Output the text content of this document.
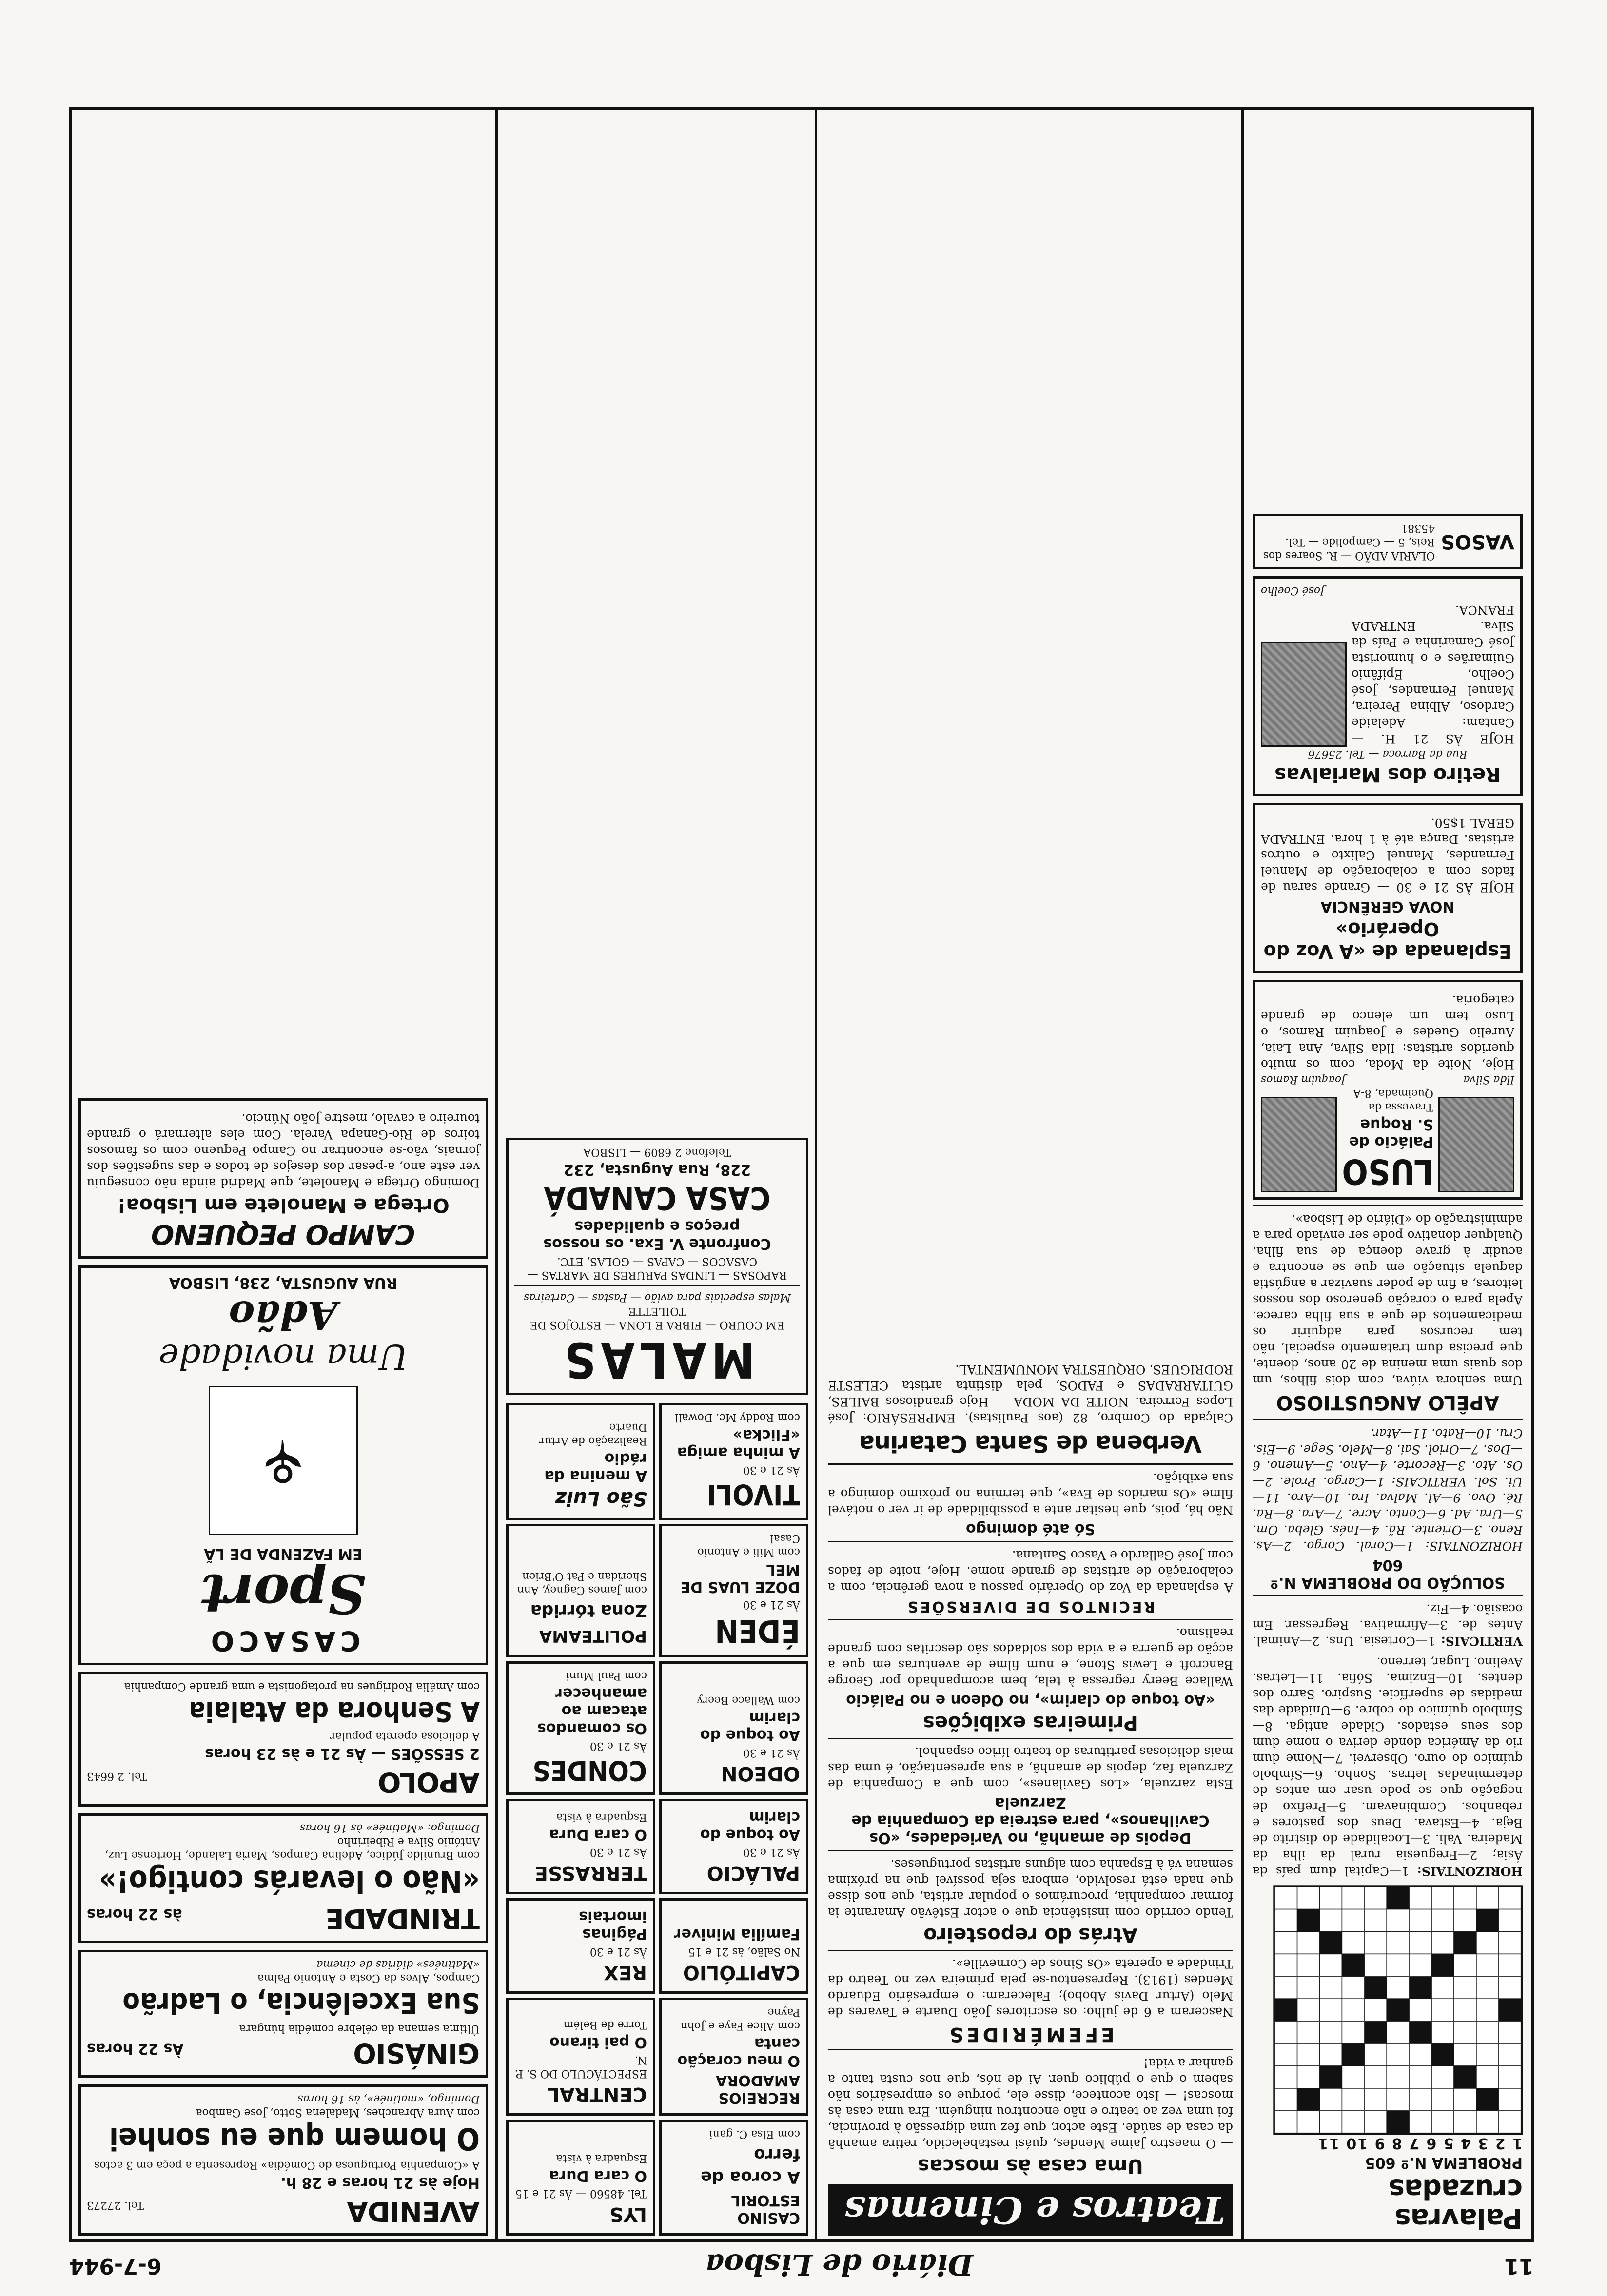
11
Diário de Lisboa
6-7-944
Palavras cruzadas
PROBLEMA N.º 605
1 2 3 4 5 6 7 8 9 10 11
HORIZONTAIS: 1—Capital dum país da Ásia; 2—Freguesia rural da ilha da Madeira. Vali. 3—Localidade do distrito de Beja. 4—Estava. Deus dos pastores e rebanhos. Combinavam. 5—Prefixo de negação que se pode usar em antes de determinadas letras. Sonho. 6—Símbolo químico do ouro. Observei. 7—Nome dum rio da América donde deriva o nome dum dos seus estados. Cidade antiga. 8—Símbolo químico do cobre. 9—Unidade das medidas de superfície. Suspiro. Sarro dos dentes. 10—Enzima. Sófia. 11—Letras. Avelino. Lugar, terreno.
VERTICAIS: 1—Cortesia. Uns. 2—Animal. Antes de. 3—Afirmativa. Regressar. Em ocasião. 4—Fiz.
SOLUÇÃO DO PROBLEMA N.º 604
HORIZONTAIS: 1—Coral. Corgo. 2—As. Reno. 3—Oriente. Rã. 4—Inés. Gleba. Om. 5—Ura. Ad. 6—Conto. Acre. 7—Ara. 8—Ra. Ré. Ovo. 9—Al. Malva. Ira. 10—Aro. 11—Ui. Sol. VERTICAIS: 1—Cargo. Prole. 2—Os. Ato. 3—Recorte. 4—Ano. 5—Ameno. 6—Dos. 7—Oriol. Sai. 8—Melo. Sege. 9—Eis. Cru. 10—Rato. 11—Atar.
APÊLO ANGUSTIOSO
Uma senhora viúva, com dois filhos, um dos quais uma menina de 20 anos, doente, que precisa dum tratamento especial, não tem recursos para adquirir os medicamentos de que a sua filha carece. Apela para o coração generoso dos nossos leitores, a fim de poder suavizar a angústia daquela situação em que se encontra e acudir à grave doença de sua filha. Qualquer donativo pode ser enviado para a administração do «Diário de Lisboa».
LUSO
Palácio de S. Roque
Travessa da Queimada, 8-A
Ilda Silva
Joaquim Ramos
Hoje, Noite da Moda, com os muito queridos artistas: Ilda Silva, Ana Laia, Aurelio Guedes e Joaquim Ramos, o Luso tem um elenco de grande categoria.
Esplanada de «A Voz do Operário»
NOVA GERÊNCIA
HOJE ÀS 21 e 30 — Grande sarau de fados com a colaboração de Manuel Fernandes, Manuel Calixto e outros artistas. Dança até à 1 hora. ENTRADA GERAL 1$50.
Retiro dos Marialvas
Rua da Barroca — Tel. 25676
HOJE ÀS 21 H. — Cantam: Adelaide Cardoso, Albina Pereira, Manuel Fernandes, José Coelho, Epifânio Guimarães e o humorista José Camarinha e País da Silva. ENTRADA FRANCA.
José Coelho
VASOS
OLARIA ADÃO — R. Soares dos Reis, 5 — Campolide — Tel. 45381
Teatros e Cinemas
Uma casa às moscas
— O maestro Jaime Mendes, quási restabelecido, retira amanhã da casa de saúde. Este actor, que fez uma digressão à província, foi uma vez ao teatro e não encontrou ninguém. Era uma casa às moscas! — Isto acontece, disse ele, porque os empresários não sabem o que o público quer. Ai de nós, que nos custa tanto a ganhar a vida!
EFEMÉRIDES
Nasceram a 6 de julho: os escritores João Duarte e Tavares de Melo (Artur Davis Abobo); Faleceram: o empresário Eduardo Mendes (1913). Representou-se pela primeira vez no Teatro da Trindade a opereta «Os Sinos de Corneville».
Atrás do reposteiro
Tendo corrido com insistência que o actor Estêvão Amarante ia formar companhia, procurámos o popular artista, que nos disse que nada está resolvido, embora seja possível que na próxima semana vá à Espanha com alguns artistas portugueses.
Depois de amanhã, no Variedades, «Os Cavilhanos», para estreia da Companhia de Zarzuela
Esta zarzuela, «Los Gavilanes», com que a Companhia de Zarzuela faz, depois de amanhã, a sua apresentação, é uma das mais deliciosas partituras do teatro lírico espanhol.
Primeiras exibições
«Ao toque do clarim», no Odeon e no Palácio
Wallace Beery regressa à tela, bem acompanhado por George Bancroft e Lewis Stone, e num filme de aventuras em que a acção de guerra e a vida dos soldados são descritas com grande realismo.
RECINTOS DE DIVERSÕES
A esplanada da Voz do Operário passou a nova gerência, com a colaboração de artistas de grande nome. Hoje, noite de fados com José Gallardo e Vasco Santana.
Só até domingo
Não há, pois, que hesitar ante a possibilidade de ir ver o notável filme «Os maridos de Eva», que termina no próximo domingo a sua exibição.
Verbena de Santa Catarina
Calçada do Combro, 82 (aos Paulistas). EMPRESÁRIO: José Lopes Ferreira. NOITE DA MODA — Hoje grandiosos BAILES, GUITARRADAS e FADOS, pela distinta artista CELESTE RODRIGUES. ORQUESTRA MONUMENTAL.
CASINO ESTORIL
A coroa de ferro
com Elsa C. gani
LYS
Tel. 48560 — Às 21 e 15
O cara Dura
Esquadra à vista
RECREIOS AMADORA
O meu coração canta
com Alice Faye e John Payne
CENTRAL
ESPECTÁCULO DO S. P. N.
O pai tirano
Torre de Belém
CAPITÓLIO
No Salão, às 21 e 15
Família Miniver
REX
Às 21 e 30
Páginas imortais
PALÁCIO
Às 21 e 30
Ao toque do clarim
TERRASSE
Às 21 e 30
O cara Dura
Esquadra à vista
ODEON
Às 21 e 30
Ao toque do clarim
com Wallace Beery
CONDES
Às 21 e 30
Os comandos atacam ao amanhecer
com Paul Muni
ÉDEN
Às 21 e 30
DOZE LUAS DE MEL
com Mili e Antonio Casal
POLITEAMA
Zona tórrida
com James Cagney, Ann Sheridan e Pat O'Brien
TIVOLI
Às 21 e 30
A minha amiga «Flicka»
com Roddy Mc. Dowall
São Luiz
A menina da rádio
Realização de Artur Duarte
MALAS
EM COURO — FIBRA E LONA — ESTOJOS DE TOILETTE
Malas especiais para avião — Pastas — Carteiras
RAPOSAS — LINDAS PARURES DE MARTAS — CASACOS — CAPAS — GOLAS, ETC.
Confronte V. Exa. os nossos preços e qualidades
CASA CANADÁ
228, Rua Augusta, 232
Telefone 2 6809 — LISBOA
AVENIDA
Tel. 27273
Hoje às 21 horas e 28 h.
A «Companhia Portuguesa de Comédia» Representa a peça em 3 actos
O homem que eu sonhei
com Aura Abranches, Madalena Sotto, Jose Gamboa
Domingo, «matinée», às 16 horas
GINÁSIO
Às 22 horas
Última semana da célebre comédia húngara
Sua Excelência, o Ladrão
Campos, Alves da Costa e Antonio Palma
«Matinées» diárias de cinema
TRINDADE
às 22 horas
«Não o levarás contigo!»
com Brunilde Júdice, Adelina Campos, Maria Lalande, Hortense Luz, António Silva e Ribeirinho
Domingo: «Matinée» às 16 horas
APOLO
Tel. 2 6643
2 SESSÕES — Às 21 e às 23 horas
A deliciosa opereta popular
A Senhora da Atalaia
com Amália Rodrigues na protagonista e uma grande Companhia
CASACO
Sport
EM FAZENDA DE LÃ
⚘
Uma novidade
Adão
RUA AUGUSTA, 238, LISBOA
CAMPO PEQUENO
Ortega e Manolete em Lisboa!
Domingo Ortega e Manolete, que Madrid ainda não conseguiu ver este ano, a-pesar dos desejos de todos e das sugestões dos jornais, vão-se encontrar no Campo Pequeno com os famosos toiros de Rio-Ganapa Varela. Com eles alternará o grande toureiro a cavalo, mestre João Núncio.
